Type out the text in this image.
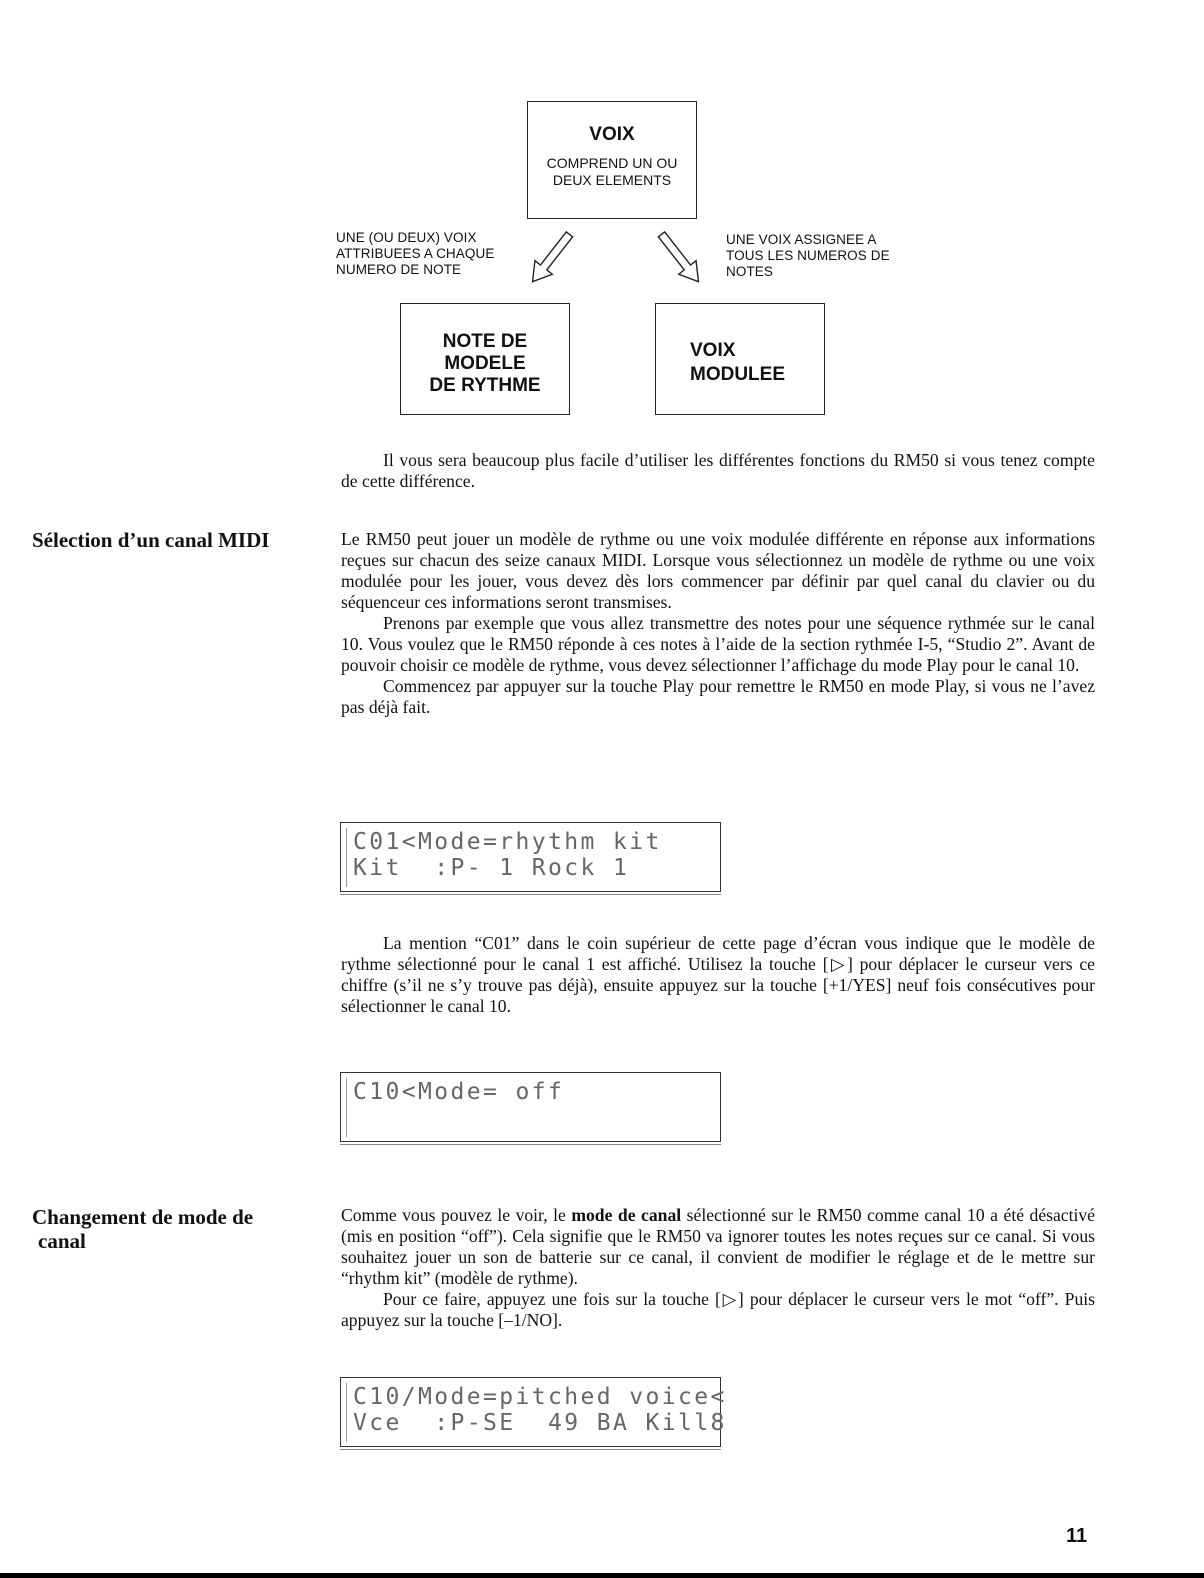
VOIX
COMPREND UN OU
DEUX ELEMENTS
UNE (OU DEUX) VOIX
ATTRIBUEES A CHAQUE
NUMERO DE NOTE
UNE VOIX ASSIGNEE A
TOUS LES NUMEROS DE
NOTES
NOTE DE
MODELE
DE RYTHME
VOIX
MODULEE

Il vous sera beaucoup plus facile d’utiliser les différentes fonctions du RM50 si vous tenez compte de cette différence.

Sélection d’un canal MIDI	Le RM50 peut jouer un modèle de rythme ou une voix modulée différente en réponse aux informations reçues sur chacun des seize canaux MIDI. Lorsque vous sélectionnez un modèle de rythme ou une voix modulée pour les jouer, vous devez dès lors commencer par définir par quel canal du clavier ou du séquenceur ces informations seront transmises.

Prenons par exemple que vous allez transmettre des notes pour une séquence rythmée sur le canal 10. Vous voulez que le RM50 réponde à ces notes à l’aide de la section rythmée I-5, “Studio 2”. Avant de pouvoir choisir ce modèle de rythme, vous devez sélectionner l’affichage du mode Play pour le canal 10.

Commencez par appuyer sur la touche Play pour remettre le RM50 en mode Play, si vous ne l’avez pas déjà fait.

C01<Mode=rhythm kit
Kit  :P- 1 Rock 1

La mention “C01” dans le coin supérieur de cette page d’écran vous indique que le modèle de rythme sélectionné pour le canal 1 est affiché. Utilisez la touche [▷] pour déplacer le curseur vers ce chiffre (s’il ne s’y trouve pas déjà), ensuite appuyez sur la touche [+1/YES] neuf fois consécutives pour sélectionner le canal 10.

C10<Mode= off
Changement de mode de
canal

Comme vous pouvez le voir, le mode de canal sélectionné sur le RM50 comme canal 10 a été désactivé (mis en position “off”). Cela signifie que le RM50 va ignorer toutes les notes reçues sur ce canal. Si vous souhaitez jouer un son de batterie sur ce canal, il convient de modifier le réglage et de le mettre sur “rhythm kit” (modèle de rythme).

Pour ce faire, appuyez une fois sur la touche [▷] pour déplacer le curseur vers le mot “off”. Puis appuyez sur la touche [–1/NO].

C10/Mode=pitched voice<
Vce  :P-SE  49 BA Kill8
11
